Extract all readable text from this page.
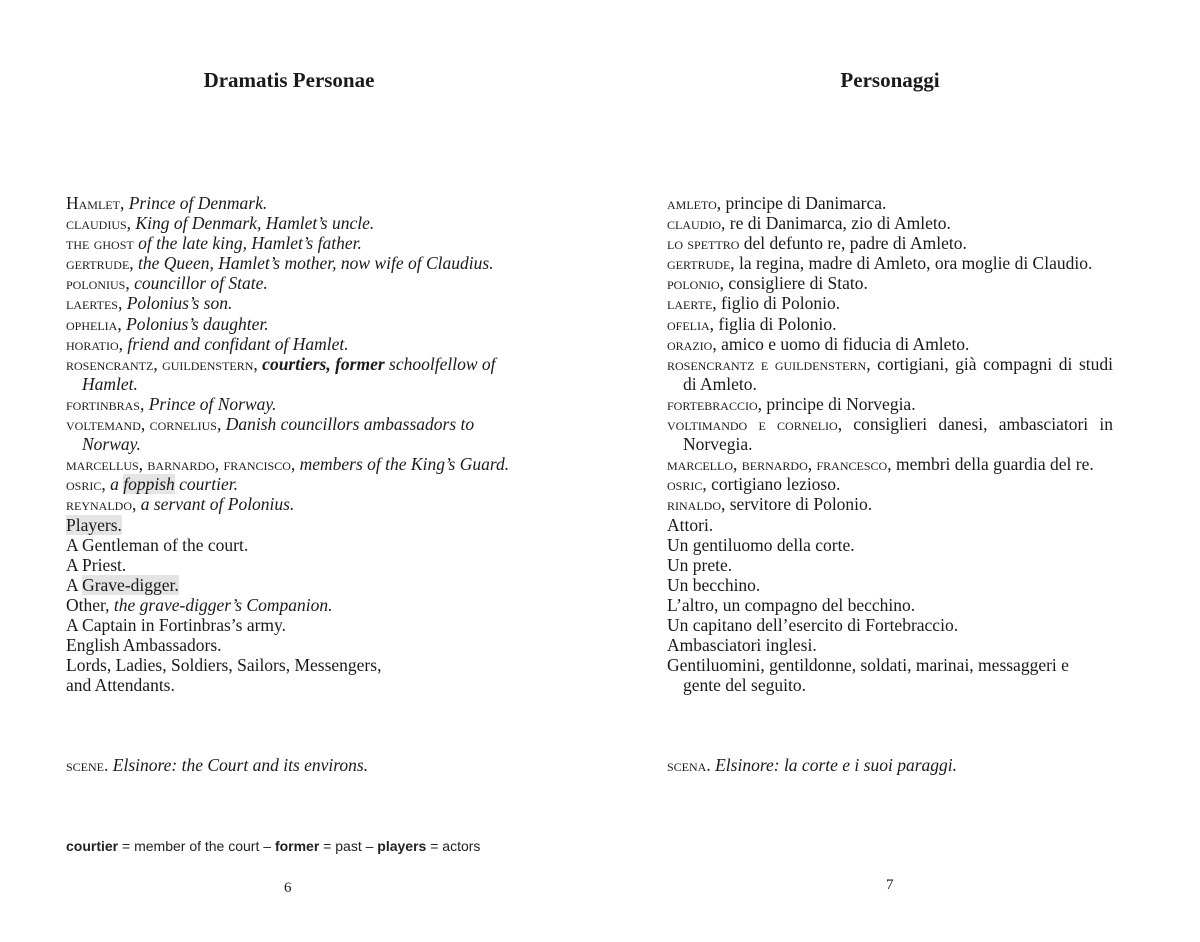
Dramatis Personae
Hamlet, Prince of Denmark.
claudius, King of Denmark, Hamlet’s uncle.
the ghost of the late king, Hamlet’s father.
gertrude, the Queen, Hamlet’s mother, now wife of Claudius.
polonius, councillor of State.
laertes, Polonius’s son.
ophelia, Polonius’s daughter.
horatio, friend and confidant of Hamlet.
rosencrantz, guildenstern, courtiers, former schoolfellow of Hamlet.
fortinbras, Prince of Norway.
voltemand, cornelius, Danish councillors ambassadors to Norway.
marcellus, barnardo, francisco, members of the King’s Guard.
osric, a foppish courtier.
reynaldo, a servant of Polonius.
Players.
A Gentleman of the court.
A Priest.
A Grave-digger.
Other, the grave-digger’s Companion.
A Captain in Fortinbras’s army.
English Ambassadors.
Lords, Ladies, Soldiers, Sailors, Messengers, and Attendants.
scene. Elsinore: the Court and its environs.
courtier = member of the court – former = past – players = actors
6
Personaggi
amleto, principe di Danimarca.
claudio, re di Danimarca, zio di Amleto.
lo spettro del defunto re, padre di Amleto.
gertrude, la regina, madre di Amleto, ora moglie di Claudio.
polonio, consigliere di Stato.
laerte, figlio di Polonio.
ofelia, figlia di Polonio.
orazio, amico e uomo di fiducia di Amleto.
rosencrantz e guildenstern, cortigiani, già compagni di studi di Amleto.
fortebraccio, principe di Norvegia.
voltimando e cornelio, consiglieri danesi, ambasciatori in Norvegia.
marcello, bernardo, francesco, membri della guardia del re.
osric, cortigiano lezioso.
rinaldo, servitore di Polonio.
Attori.
Un gentiluomo della corte.
Un prete.
Un becchino.
L’altro, un compagno del becchino.
Un capitano dell’esercito di Fortebraccio.
Ambasciatori inglesi.
Gentiluomini, gentildonne, soldati, marinai, messaggeri e gente del seguito.
scena. Elsinore: la corte e i suoi paraggi.
7
